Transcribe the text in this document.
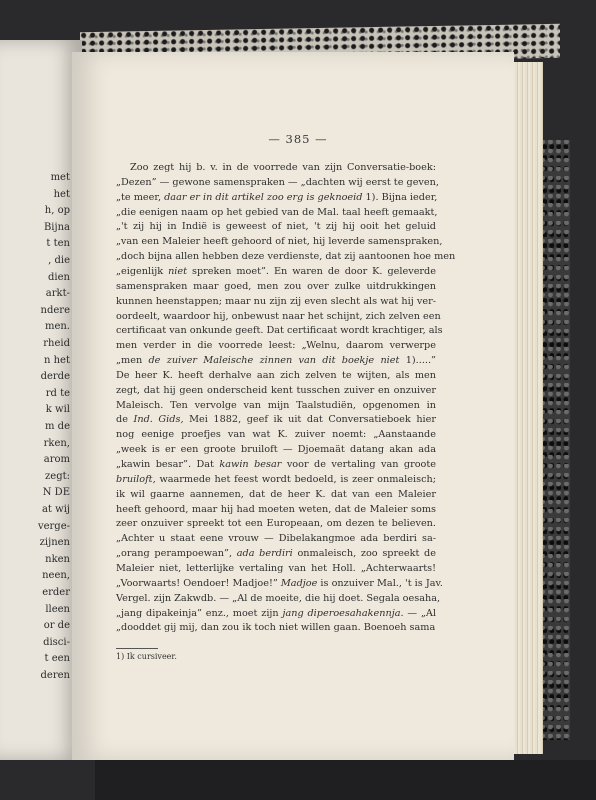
met
het
h, op
Bijna
t ten
, die
dien
arkt-
ndere
men.
rheid
n het
derde
rd te
k wil
m de
rken,
arom
zegt:
N DE
at wij
verge-
zijnen
nken
neen,
erder
lleen
or de
disci-
t een
deren
— 385 —
Zoo zegt hij b. v. in de voorrede van zijn Conversatie-boek:
„Dezen” — gewone samenspraken — „dachten wij eerst te geven,
„te meer, daar er in dit artikel zoo erg is geknoeid 1). Bijna ieder,
„die eenigen naam op het gebied van de Mal. taal heeft gemaakt,
„'t zij hij in Indië is geweest of niet, 't zij hij ooit het geluid
„van een Maleier heeft gehoord of niet, hij leverde samenspraken,
„doch bijna allen hebben deze verdienste, dat zij aantoonen hoe men
„eigenlijk niet spreken moet”. En waren de door K. geleverde
samenspraken maar goed, men zou over zulke uitdrukkingen
kunnen heenstappen; maar nu zijn zij even slecht als wat hij ver-
oordeelt, waardoor hij, onbewust naar het schijnt, zich zelven een
certificaat van onkunde geeft. Dat certificaat wordt krachtiger, als
men verder in die voorrede leest: „Welnu, daarom verwerpe
„men de zuiver Maleische zinnen van dit boekje niet 1).....”
De heer K. heeft derhalve aan zich zelven te wijten, als men
zegt, dat hij geen onderscheid kent tusschen zuiver en onzuiver
Maleisch. Ten vervolge van mijn Taalstudiën, opgenomen in
de Ind. Gids, Mei 1882, geef ik uit dat Conversatieboek hier
nog eenige proefjes van wat K. zuiver noemt: „Aanstaande
„week is er een groote bruiloft — Djoemaät datang akan ada
„kawin besar”. Dat kawin besar voor de vertaling van groote
bruiloft, waarmede het feest wordt bedoeld, is zeer onmaleisch;
ik wil gaarne aannemen, dat de heer K. dat van een Maleier
heeft gehoord, maar hij had moeten weten, dat de Maleier soms
zeer onzuiver spreekt tot een Europeaan, om dezen te believen.
„Achter u staat eene vrouw — Dibelakangmoe ada berdiri sa-
„orang perampoewan”, ada berdiri onmaleisch, zoo spreekt de
Maleier niet, letterlijke vertaling van het Holl. „Achterwaarts!
„Voorwaarts! Oendoer! Madjoe!” Madjoe is onzuiver Mal., 't is Jav.
Vergel. zijn Zakwdb. — „Al de moeite, die hij doet. Segala oesaha,
„jang dipakeinja” enz., moet zijn jang diperoesahakennja. — „Al
„dooddet gij mij, dan zou ik toch niet willen gaan. Boenoeh sama
1) Ik cursiveer.
